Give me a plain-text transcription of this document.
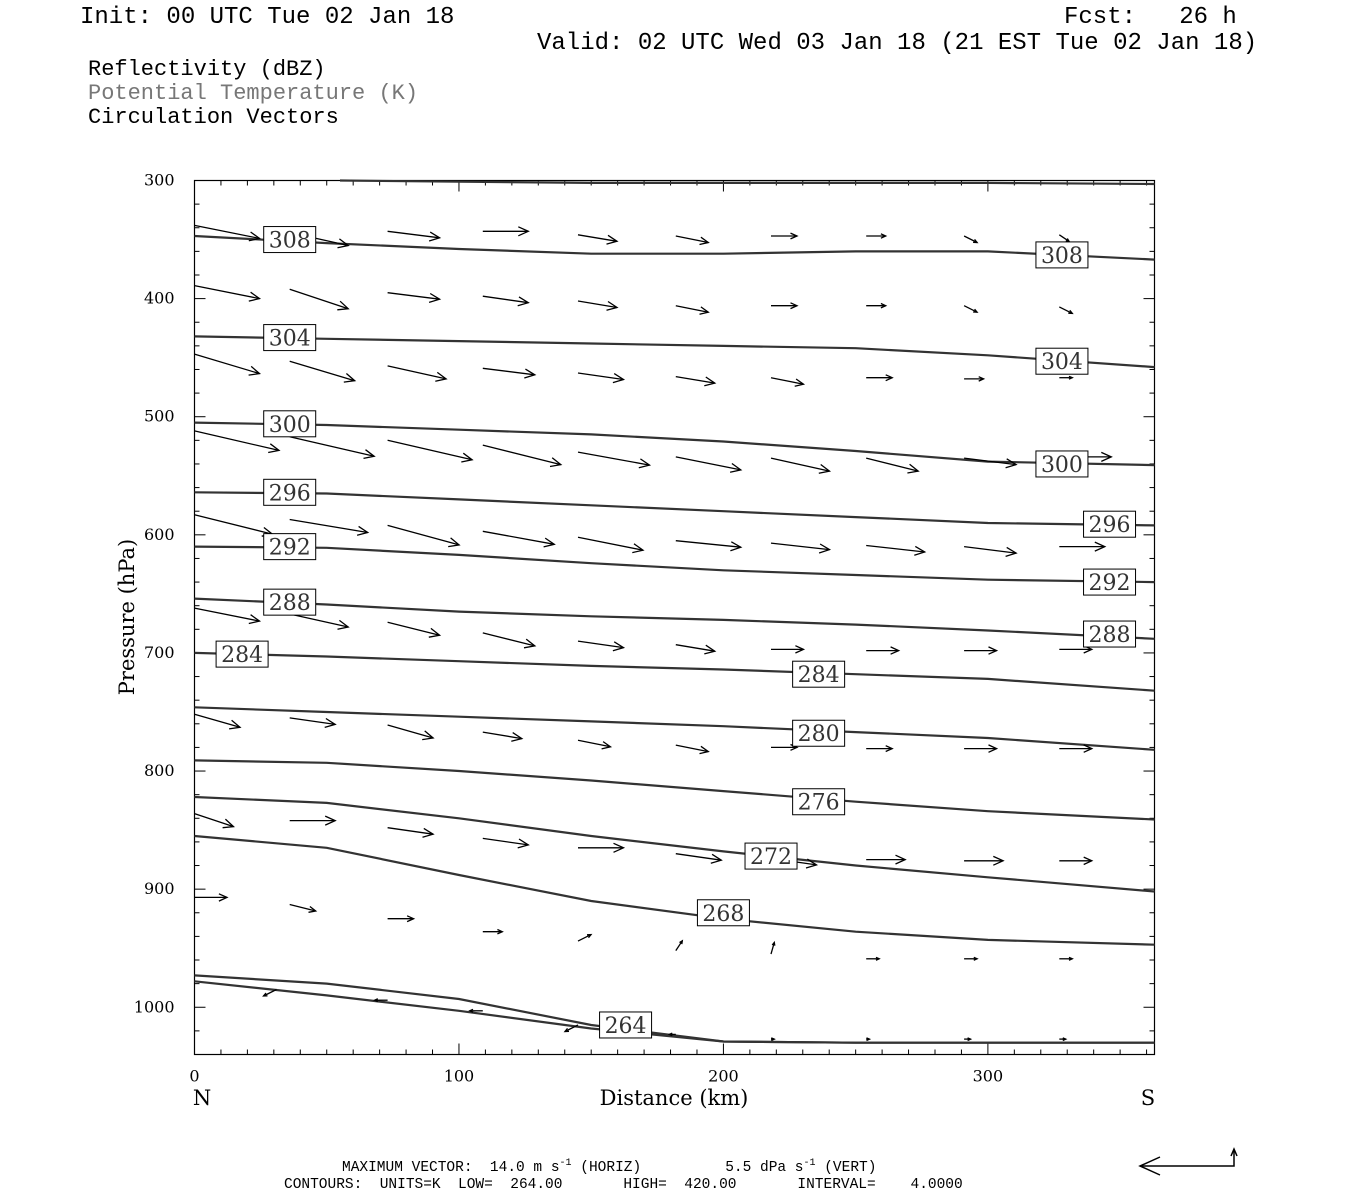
Init: 00 UTC Tue 02 Jan 18	Fcst:   26 h
Valid: 02 UTC Wed 03 Jan 18 (21 EST Tue 02 Jan 18)
Reflectivity (dBZ)
Potential Temperature (K)
Circulation Vectors
308
308
304
304
300
300
296
296
292
292
288
288
284
284
280
276
272
268
264
300
400
500
600
700
800
900
1000
0	100	200	300
Distance (km)
Pressure (hPa)
N	S
MAXIMUM VECTOR:  14.0 m $s^{-1}$ (HORIZ)	5.5 dPa $s^{-1}$ (VERT)
CONTOURS:  UNITS=K  LOW=  264.00       HIGH=  420.00       INTERVAL=    4.0000
